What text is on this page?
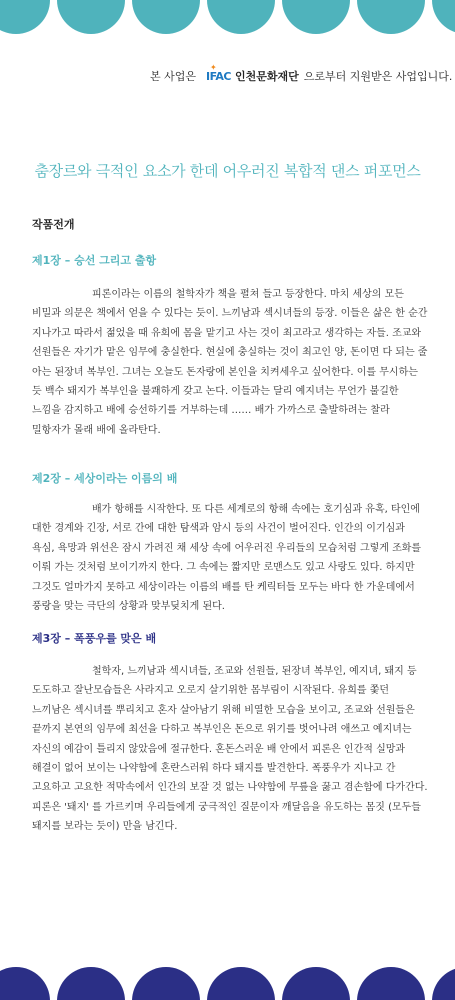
본 사업은
✦
IFAC 인천문화재단 으로부터 지원받은 사업입니다.
춤장르와 극적인 요소가 한데 어우러진 복합적 댄스 퍼포먼스
작품전개
제1장 – 승선 그리고 출항

피론이라는 이름의 철학자가 책을 펼쳐 들고 등장한다. 마치 세상의 모든 비밀과 의문은 책에서 얻을 수 있다는 듯이. 느끼남과 섹시녀들의 등장. 이들은 삶은 한 순간 지나가고 따라서 젊었을 때 유희에 몸을 맡기고 사는 것이 최고라고 생각하는 자들. 조교와 선원들은 자기가 맡은 임무에 충실한다. 현실에 충실하는 것이 최고인 양, 돈이면 다 되는 줄 아는 된장녀 복부인. 그녀는 오늘도 돈자랑에 본인을 치켜세우고 싶어한다. 이를 무시하는 듯 백수 돼지가 복부인을 불쾌하게 갖고 논다. 이들과는 달리 예지녀는 무언가 불길한 느낌을 감지하고 배에 승선하기를 거부하는데 …… 배가 가까스로 출발하려는 찰라 밀항자가 몰래 배에 올라탄다.

제2장 – 세상이라는 이름의 배

배가 항해를 시작한다. 또 다른 세계로의 항해 속에는 호기심과 유혹, 타인에 대한 경계와 긴장, 서로 간에 대한 탐색과 암시 등의 사건이 벌어진다. 인간의 이기심과 욕심, 욕망과 위선은 잠시 가려진 채 세상 속에 어우러진 우리들의 모습처럼 그렇게 조화를 이뤄 가는 것처럼 보이기까지 한다. 그 속에는 짧지만 로맨스도 있고 사랑도 있다. 하지만 그것도 얼마가지 못하고 세상이라는 이름의 배를 탄 케릭터들 모두는 바다 한 가운데에서 풍랑을 맞는 극단의 상황과 맞부딪치게 된다.

제3장 – 폭풍우를 맞은 배

철학자, 느끼남과 섹시녀들, 조교와 선원들, 된장녀 복부인, 예지녀, 돼지 등 도도하고 잘난모습들은 사라지고 오로지 살기위한 몸부림이 시작된다. 유희를 쫓던 느끼남은 섹시녀를 뿌리치고 혼자 살아남기 위해 비열한 모습을 보이고, 조교와 선원들은 끝까지 본연의 임무에 최선을 다하고 복부인은 돈으로 위기를 벗어나려 애쓰고 예지녀는 자신의 예감이 틀리지 않았음에 절규한다. 혼돈스러운 배 안에서 피론은 인간적 실망과 해결이 없어 보이는 나약함에 혼란스러워 하다 돼지를 발견한다. 폭풍우가 지나고 간 고요하고 고요한 적막속에서 인간의 보잘 것 없는 나약함에 무릎을 꿇고 겸손함에 다가간다. 피론은 '돼지' 를 가르키며 우리들에게 궁극적인 질문이자 깨달음을 유도하는 몸짓 (모두들 돼지를 보라는 듯이) 만을 남긴다.
